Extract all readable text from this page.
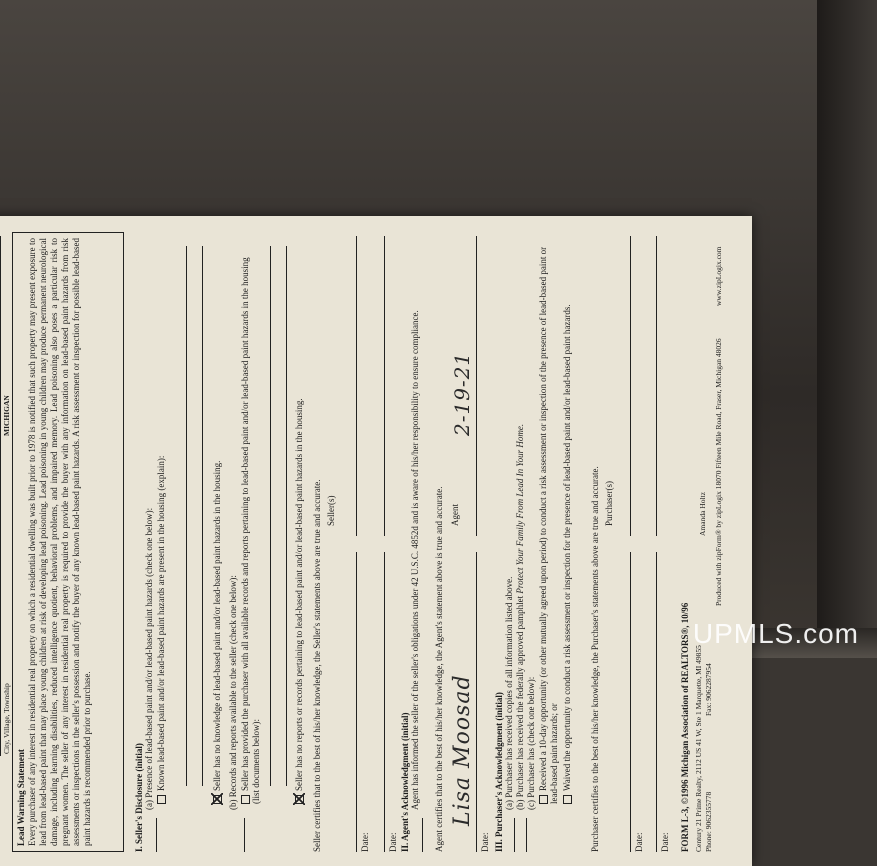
City, Village, Township
MICHIGAN
Lead Warning Statement Every purchaser of any interest in residential real property on which a residential dwelling was built prior to 1978 is notified that such property may present exposure to lead from lead-based paint that may place young children at risk of developing lead poisoning. Lead poisoning in young children may produce permanent neurological damage, including learning disabilities, reduced intelligence quotient, behavioral problems, and impaired memory. Lead poisoning also poses a particular risk to pregnant women. The seller of any interest in residential real property is required to provide the buyer with any information on lead-based paint hazards from risk assessments or inspections in the seller's possession and notify the buyer of any known lead-based paint hazards. A risk assessment or inspection for possible lead-based paint hazards is recommended prior to purchase.	I. Seller's Disclosure (initial) (a) Presence of lead-based paint and/or lead-based paint hazards (check one below): Known lead-based paint and/or lead-based paint hazards are present in the housing (explain):	Seller has no knowledge of lead-based paint and/or lead-based paint hazards in the housing. (b) Records and reports available to the seller (check one below): Seller has provided the purchaser with all available records and reports pertaining to lead-based paint and/or lead-based paint hazards in the housing (list documents below):	Seller has no reports or records pertaining to lead-based paint and/or lead-based paint hazards in the housing. Seller certifies that to the best of his/her knowledge, the Seller's statements above are true and accurate. Seller(s)
Date: Date: II. Agent's Acknowledgment (initial) Agent has informed the seller of the seller's obligations under 42 U.S.C. 4852d and is aware of his/her responsibility to ensure compliance. Agent certifies that to the best of his/her knowledge, the Agent's statement above is true and accurate. Agent
Lisa Moosad
2-19-21
Date: III. Purchaser's Acknowledgment (initial) (a) Purchaser has received copies of all information listed above. (b) Purchaser has received the federally approved pamphlet Protect Your Family From Lead In Your Home.
(c) Purchaser has (check one below): Received a 10-day opportunity (or other mutually agreed upon period) to conduct a risk assessment or inspection of the presence of lead-based paint or lead-based paint hazards; or Waived the opportunity to conduct a risk assessment or inspection for the presence of lead-based paint and/or lead-based paint hazards. Purchaser certifies to the best of his/her knowledge, the Purchaser's statements above are true and accurate. Purchaser(s)
Date: Date: FORM L-3, ©1996 Michigan Association of REALTORS®, 10/96 Century 21 Prime Realty, 2112 US 41 W, Ste 1 Marquette, MI 49855 Phone: 9062355778
Fax: 9062287954
Amanda Holtz Produced with zipForm® by zipLogix 18070 Fifteen Mile Road, Fraser, Michigan 48026
www.zipLogix.com
UPMLS.com
